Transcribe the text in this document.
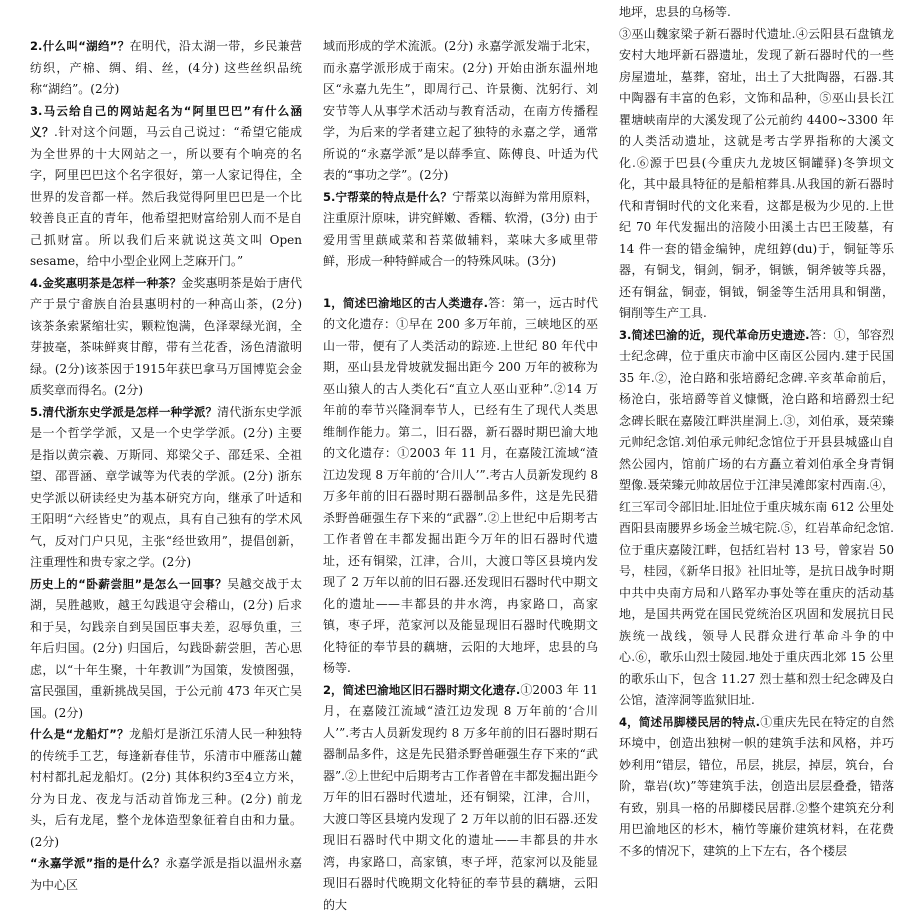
2.什么叫“湖绉”？在明代，沿太湖一带，乡民兼营纺织，产棉、绸、绢、丝，(4分) 这些丝织品统称“湖绉”。(2分)

3.马云给自己的网站起名为“阿里巴巴”有什么涵义？.针对这个问题，马云自己说过：“希望它能成为全世界的十大网站之一，所以要有个响亮的名字，阿里巴巴这个名字很好，第一人家记得住，全世界的发音都一样。然后我觉得阿里巴巴是一个比较善良正直的青年，他希望把财富给别人而不是自己抓财富。所以我们后来就说这英文叫 Open sesame，给中小型企业网上芝麻开门。”

4.金奖惠明茶是怎样一种茶？金奖惠明茶是始于唐代产于景宁畲族自治县惠明村的一种高山茶，(2分) 该茶条索紧缩壮实，颗粒饱满，色泽翠绿光润，全芽披毫，茶味鲜爽甘醇，带有兰花香，汤色清澈明绿。(2分)该茶因于1915年获巴拿马万国博览会金质奖章而得名。(2分)

5.清代浙东史学派是怎样一种学派？清代浙东史学派是一个哲学学派，又是一个史学学派。(2分) 主要是指以黄宗羲、万斯同、郑梁父子、邵廷采、全祖望、邵晋涵、章学诚等为代表的学派。(2分) 浙东史学派以研读经史为基本研究方向，继承了叶适和王阳明“六经皆史”的观点，具有自己独有的学术风气，反对门户只见，主张“经世致用”，提倡创新，注重理性和贵专家之学。(2分)

历史上的“卧薪尝胆”是怎么一回事？吴越交战于太湖，吴胜越败，越王勾践退守会稽山，(2分) 后求和于吴，勾践亲自到吴国臣事夫差，忍辱负重，三年后归国。(2分) 归国后，勾践卧薪尝胆，苦心思虑，以“十年生聚，十年教训”为国策，发愤图强，富民强国，重新挑战吴国，于公元前 473 年灭亡吴国。(2分)

什么是“龙船灯”？龙船灯是浙江乐清人民一种独特的传统手工艺，每逢新春佳节，乐清市中雁荡山麓村村都扎起龙船灯。(2分) 其体积约3至4立方米，分为日龙、夜龙与活动首饰龙三种。(2分) 前龙头，后有龙尾，整个龙体造型象征着自由和力量。(2分)

“永嘉学派”指的是什么？永嘉学派是指以温州永嘉为中心区

域而形成的学术流派。(2分) 永嘉学派发端于北宋，而永嘉学派形成于南宋。(2分) 开始由浙东温州地区“永嘉九先生”，即周行己、许景衡、沈躬行、刘安节等人从事学术活动与教育活动，在南方传播程学，为后来的学者建立起了独特的永嘉之学，通常所说的“永嘉学派”是以薛季宣、陈傅良、叶适为代表的“事功之学”。(2分)

5.宁帮菜的特点是什么？宁帮菜以海鲜为常用原料，注重原汁原味，讲究鲜嫩、香糯、软滑，(3分) 由于爱用雪里蕻咸菜和苔菜做辅料，菜味大多咸里带鲜，形成一种特鲜咸合一的特殊风味。(3分)

1，简述巴渝地区的古人类遗存.答：第一，远古时代的文化遗存：①早在 200 多万年前，三峡地区的巫山一带，便有了人类活动的踪迹.上世纪 80 年代中期，巫山县龙骨坡就发掘出距今 200 万年的被称为巫山猿人的古人类化石“直立人巫山亚种”.②14 万年前的奉节兴隆洞奉节人，已经有生了现代人类思维制作能力。第二，旧石器，新石器时期巴渝大地的文化遗存：①2003 年 11 月，在嘉陵江流域“渣江边发现 8 万年前的‘合川人’”.考古人员新发现约 8 万多年前的旧石器时期石器制品多件，这是先民猎杀野兽砸强生存下来的“武器”.②上世纪中后期考古工作者曾在丰都发掘出距今万年的旧石器时代遗址，还有铜梁，江津，合川，大渡口等区县境内发现了 2 万年以前的旧石器.还发现旧石器时代中期文化的遗址——丰都县的井水湾，冉家路口，高家镇，枣子坪，范家河以及能显现旧石器时代晚期文化特征的奉节县的藕塘，云阳的大地坪，忠县的乌杨等.

2，简述巴渝地区旧石器时期文化遗存.①2003 年 11 月，在嘉陵江流域“渣江边发现 8 万年前的‘合川人’”.考古人员新发现约 8 万多年前的旧石器时期石器制品多件，这是先民猎杀野兽砸强生存下来的“武器”.②上世纪中后期考古工作者曾在丰都发掘出距今万年的旧石器时代遗址，还有铜梁，江津，合川，大渡口等区县境内发现了 2 万年以前的旧石器.还发现旧石器时代中期文化的遗址——丰都县的井水湾，冉家路口，高家镇，枣子坪，范家河以及能显现旧石器时代晚期文化特征的奉节县的藕塘，云阳的大

地坪，忠县的乌杨等.

③巫山魏家梁子新石器时代遗址.④云阳县石盘镇龙安村大地坪新石器遗址，发现了新石器时代的一些房屋遗址，墓葬，窑址，出土了大批陶器，石器.其中陶器有丰富的色彩，文饰和品种，⑤巫山县长江瞿塘峡南岸的大溪发现了公元前约 4400~3300 年的人类活动遗址，这就是考古学界指称的大溪文化.⑥源于巴县(今重庆九龙坡区铜罐驿)冬笋坝文化，其中最具特征的是船棺葬具.从我国的新石器时代和青铜时代的文化来看，这都是极为少见的.上世纪 70 年代发掘出的涪陵小田溪土古巴王陵墓，有 14 件一套的错金编钟，虎纽錞(du)于，铜钲等乐器，有铜戈，铜剑，铜矛，铜镞，铜斧铍等兵器，还有铜盆，铜壶，铜钺，铜釜等生活用具和铜凿，铜削等生产工具.

3.简述巴渝的近，现代革命历史遗迹.答：①，邹容烈士纪念碑，位于重庆市渝中区南区公园内.建于民国 35 年.②，沧白路和张培爵纪念碑.辛亥革命前后，杨沧白，张培爵等首义慷慨，沧白路和培爵烈士纪念碑长眠在嘉陵江畔洪崖洞上.③，刘伯承，聂荣臻元帅纪念馆.刘伯承元帅纪念馆位于开县县城盛山自然公园内，馆前广场的右方矗立着刘伯承全身青铜塑像.聂荣臻元帅故居位于江津吴滩郎家村西南.④，红三军司令部旧址.旧址位于重庆城东南 612 公里处酉阳县南腰界乡场金兰城宅院.⑤，红岩革命纪念馆.位于重庆嘉陵江畔，包括红岩村 13 号，曾家岩 50 号，桂园，《新华日报》社旧址等，是抗日战争时期中共中央南方局和八路军办事处等在重庆的活动基地，是国共两党在国民党统治区巩固和发展抗日民族统一战线，领导人民群众进行革命斗争的中心.⑥，歌乐山烈士陵园.地处于重庆西北郊 15 公里的歌乐山下，包含 11.27 烈士墓和烈士纪念碑及白公馆，渣滓洞等监狱旧址.

4，简述吊脚楼民居的特点.①重庆先民在特定的自然环境中，创造出独树一帜的建筑手法和风格，并巧妙利用“错层，错位，吊层，挑层，掉层，筑台，台阶，靠岩(坎)”等建筑手法，创造出层层叠叠，错落有致，别具一格的吊脚楼民居群.②整个建筑充分利用巴渝地区的杉木，楠竹等廉价建筑材料，在花费不多的情况下，建筑的上下左右，各个楼层
